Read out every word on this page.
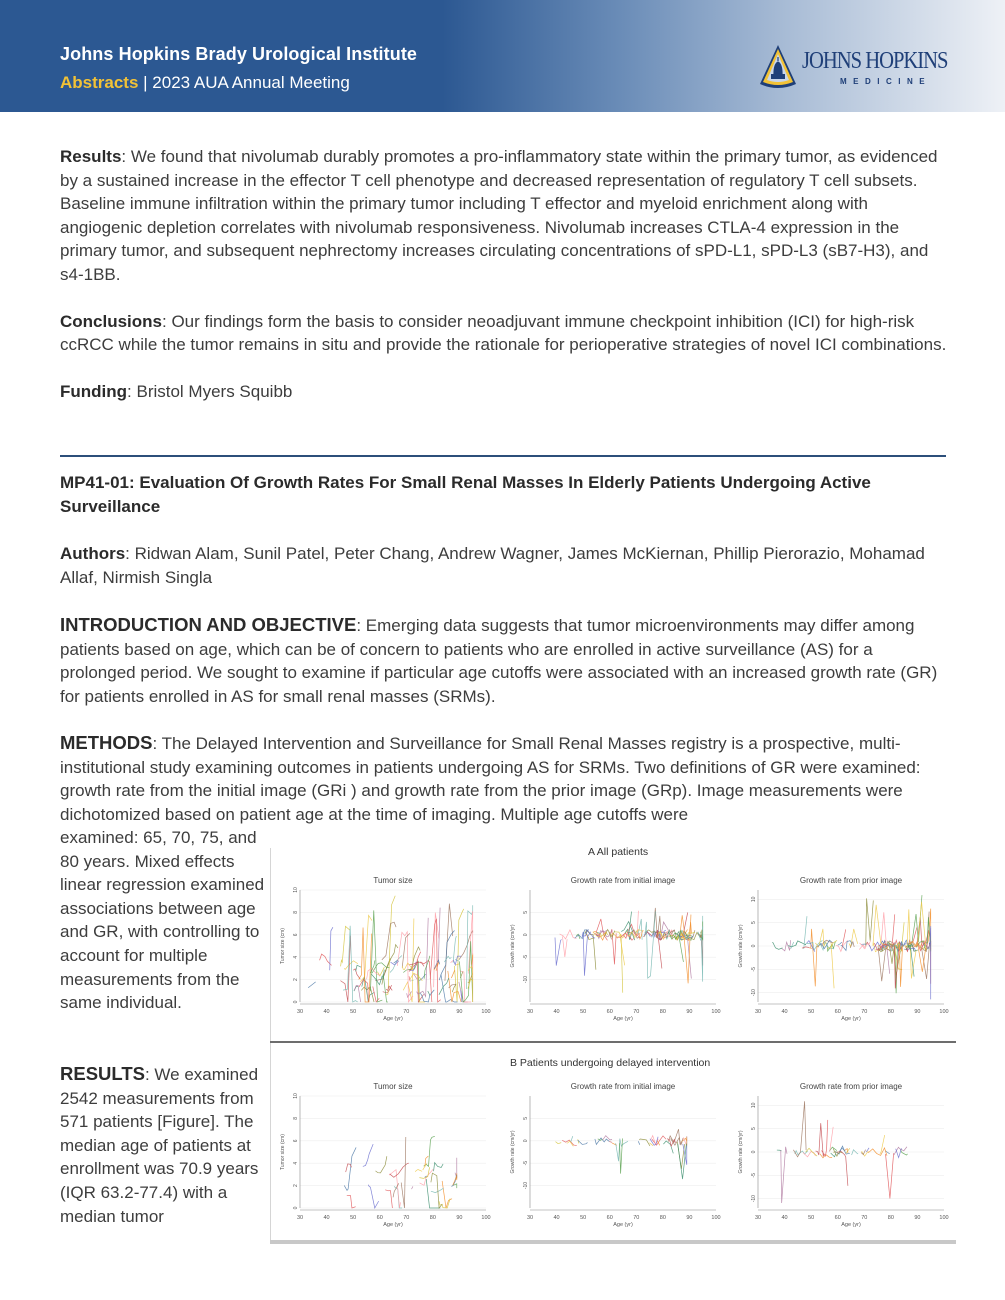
Johns Hopkins Brady Urological Institute
Abstracts | 2023 AUA Annual Meeting
JOHNS HOPKINS
MEDICINE

Results: We found that nivolumab durably promotes a pro-inflammatory state within the primary tumor, as evidenced by a sustained increase in the effector T cell phenotype and decreased representation of regulatory T cell subsets. Baseline immune infiltration within the primary tumor including T effector and myeloid enrichment along with angiogenic depletion correlates with nivolumab responsiveness. Nivolumab increases CTLA-4 expression in the primary tumor, and subsequent nephrectomy increases circulating concentrations of sPD-L1, sPD-L3 (sB7-H3), and s4-1BB.

Conclusions: Our findings form the basis to consider neoadjuvant immune checkpoint inhibition (ICI) for high-risk ccRCC while the tumor remains in situ and provide the rationale for perioperative strategies of novel ICI combinations.

Funding: Bristol Myers Squibb

MP41-01: Evaluation Of Growth Rates For Small Renal Masses In Elderly Patients Undergoing Active Surveillance

Authors: Ridwan Alam, Sunil Patel, Peter Chang, Andrew Wagner, James McKiernan, Phillip Pierorazio, Mohamad Allaf, Nirmish Singla

INTRODUCTION AND OBJECTIVE: Emerging data suggests that tumor microenvironments may differ among patients based on age, which can be of concern to patients who are enrolled in active surveillance (AS) for a prolonged period. We sought to examine if particular age cutoffs were associated with an increased growth rate (GR) for patients enrolled in AS for small renal masses (SRMs).

METHODS: The Delayed Intervention and Surveillance for Small Renal Masses registry is a prospective, multi-institutional study examining outcomes in patients undergoing AS for SRMs. Two definitions of GR were examined: growth rate from the initial image (GRi ) and growth rate from the prior image (GRp). Image measurements were dichotomized based on patient age at the time of imaging. Multiple age cutoffs were

examined: 65, 70, 75, and 80 years. Mixed effects linear regression examined associations between age and GR, with controlling to account for multiple measurements from the same individual.

RESULTS: We examined 2542 measurements from 571 patients [Figure]. The median age of patients at enrollment was 70.9 years (IQR 63.2-77.4) with a median tumor

A All patients
B Patients undergoing delayed intervention
Tumor size
0
2
4
6
8
10
30	40	50	60	70	80	90	100
Age (yr)
Tumor size (cm)
Growth rate from initial image
-10
-5
0
5
30	40	50	60	70	80	90	100
Age (yr)
Growth rate (cm/yr)
Growth rate from prior image
-10
-5
0
5
10
30	40	50	60	70	80	90	100
Age (yr)
Growth rate (cm/yr)
Tumor size
0
2
4
6
8
10
30	40	50	60	70	80	90	100
Age (yr)
Tumor size (cm)
Growth rate from initial image
-10
-5
0
5
30	40	50	60	70	80	90	100
Age (yr)
Growth rate (cm/yr)
Growth rate from prior image
-10
-5
0
5
10
30	40	50	60	70	80	90	100
Age (yr)
Growth rate (cm/yr)
